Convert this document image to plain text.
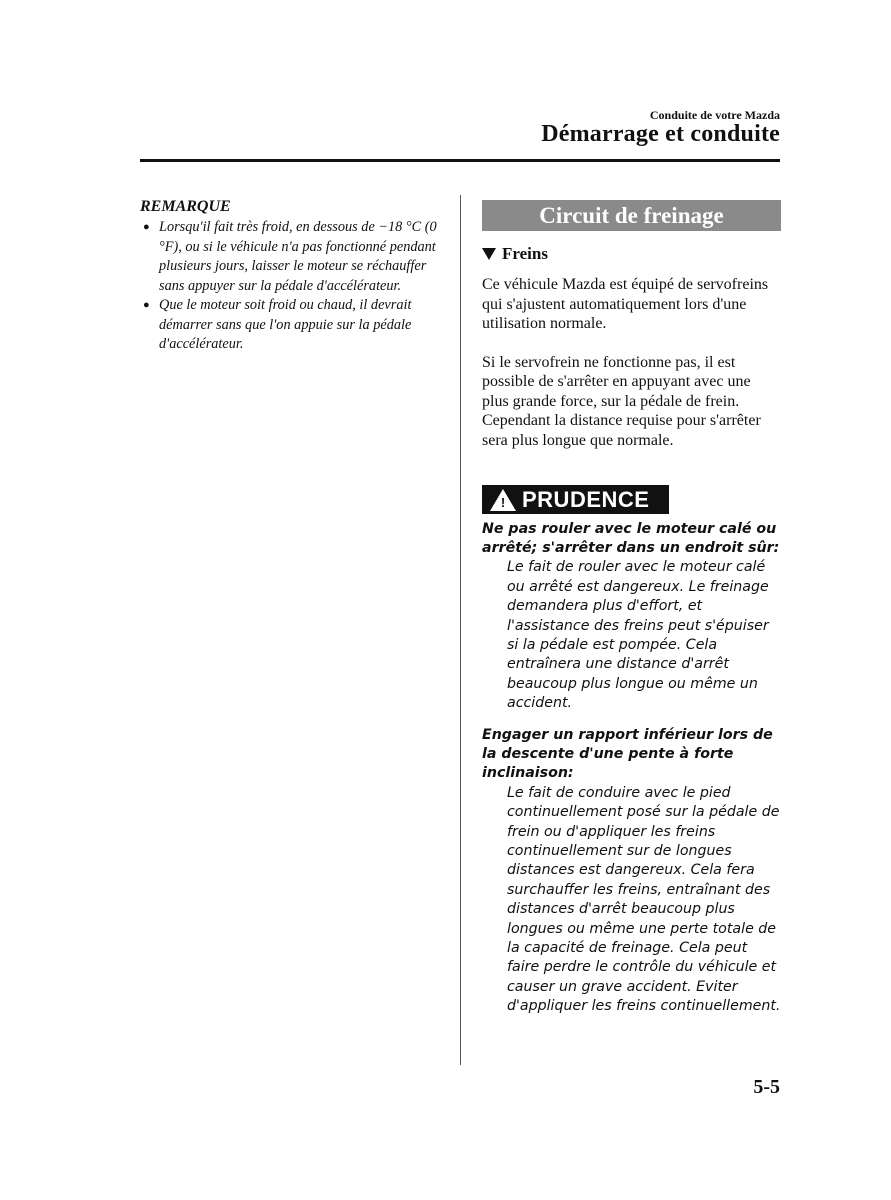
Conduite de votre Mazda
Démarrage et conduite
REMARQUE
● Lorsqu'il fait très froid, en dessous de −18 °C (0 °F), ou si le véhicule n'a pas fonctionné pendant plusieurs jours, laisser le moteur se réchauffer sans appuyer sur la pédale d'accélérateur.
● Que le moteur soit froid ou chaud, il devrait démarrer sans que l'on appuie sur la pédale d'accélérateur.
Circuit de freinage
Freins

Ce véhicule Mazda est équipé de servofreins qui s'ajustent automatiquement lors d'une utilisation normale.

Si le servofrein ne fonctionne pas, il est possible de s'arrêter en appuyant avec une plus grande force, sur la pédale de frein. Cependant la distance requise pour s'arrêter sera plus longue que normale.

! PRUDENCE
Ne pas rouler avec le moteur calé ou arrêté; s'arrêter dans un endroit sûr:
Le fait de rouler avec le moteur calé ou arrêté est dangereux. Le freinage demandera plus d'effort, et l'assistance des freins peut s'épuiser si la pédale est pompée. Cela entraînera une distance d'arrêt beaucoup plus longue ou même un accident.
Engager un rapport inférieur lors de la descente d'une pente à forte inclinaison:
Le fait de conduire avec le pied continuellement posé sur la pédale de frein ou d'appliquer les freins continuellement sur de longues distances est dangereux. Cela fera surchauffer les freins, entraînant des distances d'arrêt beaucoup plus longues ou même une perte totale de la capacité de freinage. Cela peut faire perdre le contrôle du véhicule et causer un grave accident. Eviter d'appliquer les freins continuellement.
5-5
